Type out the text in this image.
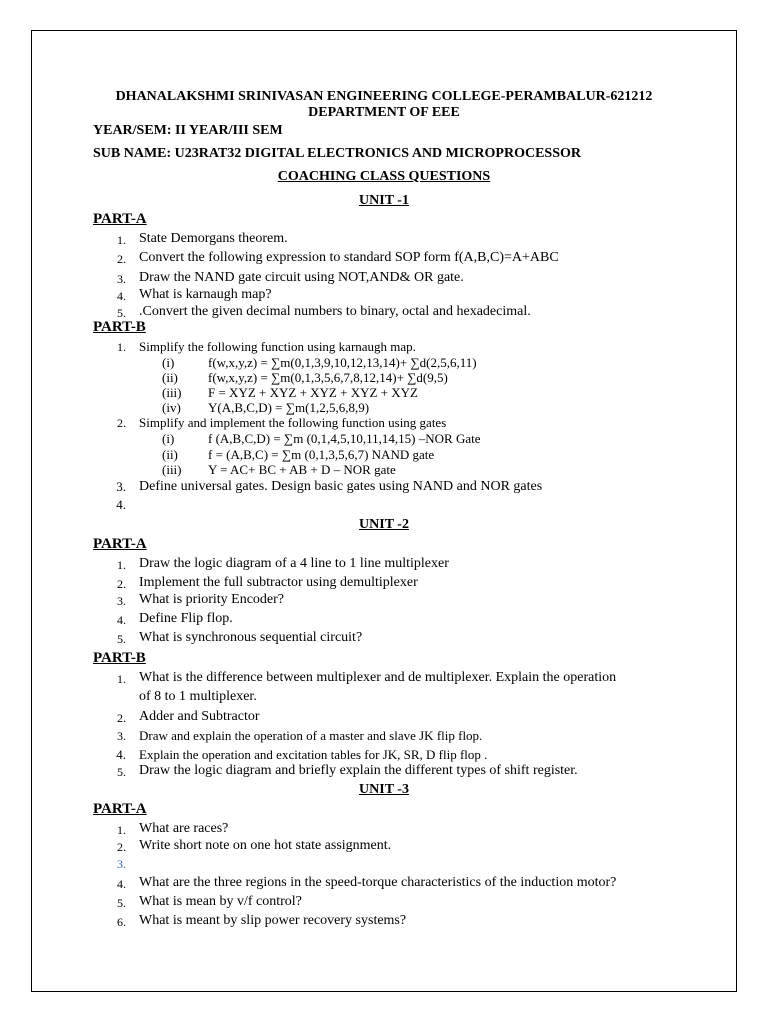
DHANALAKSHMI SRINIVASAN ENGINEERING COLLEGE-PERAMBALUR-621212
DEPARTMENT OF EEE
YEAR/SEM: II YEAR/III SEM
SUB NAME: U23RAT32 DIGITAL ELECTRONICS AND MICROPROCESSOR
COACHING CLASS QUESTIONS
UNIT -1
PART-A
1. State Demorgans theorem.
2. Convert the following expression to standard SOP form f(A,B,C)=A+ABC
3. Draw the NAND gate circuit using NOT,AND& OR gate.
4. What is karnaugh map?
5. .Convert the given decimal numbers to binary, octal and hexadecimal.
PART-B
1. Simplify the following function using karnaugh map.
(i)	f(w,x,y,z) = ∑m(0,1,3,9,10,12,13,14)+ ∑d(2,5,6,11)
(ii) f(w,x,y,z) = ∑m(0,1,3,5,6,7,8,12,14)+ ∑d(9,5)
(iii) F = XYZ + XYZ + XYZ + XYZ + XYZ
(iv) Y(A,B,C,D) = ∑m(1,2,5,6,8,9)
2. Simplify and implement the following function using gates
(i)	f (A,B,C,D) = ∑m (0,1,4,5,10,11,14,15) –NOR Gate
(ii) f = (A,B,C) = ∑m (0,1,3,5,6,7) NAND gate
(iii) Y = AC+ BC + AB + D – NOR gate
3. Define universal gates. Design basic gates using NAND and NOR gates
4.
UNIT -2
PART-A
1. Draw the logic diagram of a 4 line to 1 line multiplexer
2. Implement the full subtractor using demultiplexer
3. What is priority Encoder?
4. Define Flip flop.
5. What is synchronous sequential circuit?
PART-B
1. What is the difference between multiplexer and de multiplexer. Explain the operation
of 8 to 1 multiplexer.
2. Adder and Subtractor
3. Draw and explain the operation of a master and slave JK flip flop.
4. Explain the operation and excitation tables for JK, SR, D flip flop .
5. Draw the logic diagram and briefly explain the different types of shift register.
UNIT -3
PART-A
1. What are races?
2. Write short note on one hot state assignment.
3.
4. What are the three regions in the speed-torque characteristics of the induction motor?
5. What is mean by v/f control?
6. What is meant by slip power recovery systems?
